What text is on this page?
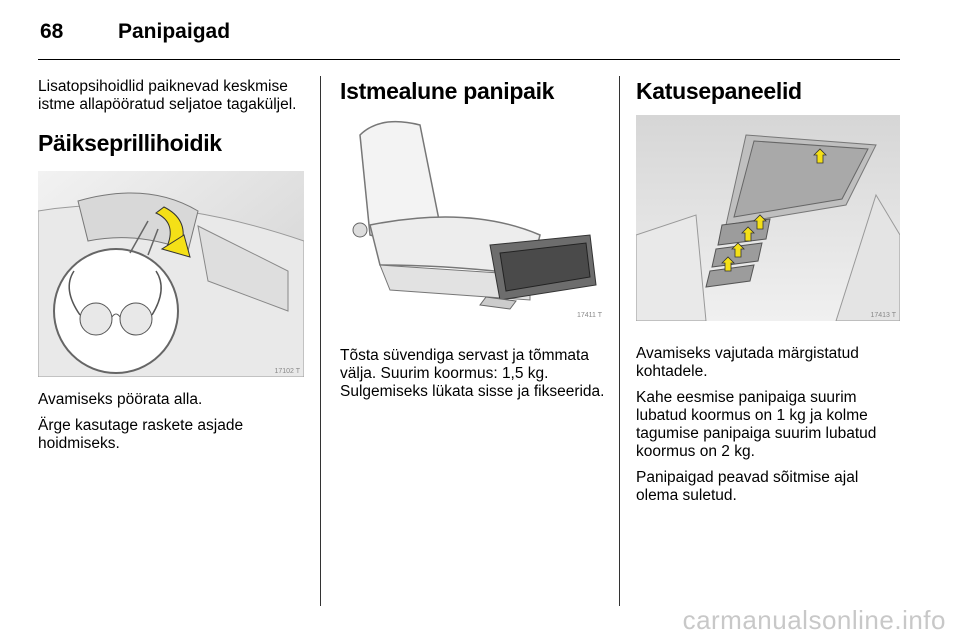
68	Panipaigad

Lisatopsihoidlid paiknevad keskmise istme allapööratud seljatoe tagaküljel.

Päikseprillihoidik
17102 T

Avamiseks pöörata alla.

Ärge kasutage raskete asjade hoidmiseks.

Istmealune panipaik
17411 T

Tõsta süvendiga servast ja tõmmata välja. Suurim koormus: 1,5 kg. Sulgemiseks lükata sisse ja fikseerida.

Katusepaneelid
17413 T

Avamiseks vajutada märgistatud kohtadele.

Kahe eesmise panipaiga suurim lubatud koormus on 1 kg ja kolme tagumise panipaiga suurim lubatud koormus on 2 kg.

Panipaigad peavad sõitmise ajal olema suletud.

carmanualsonline.info
